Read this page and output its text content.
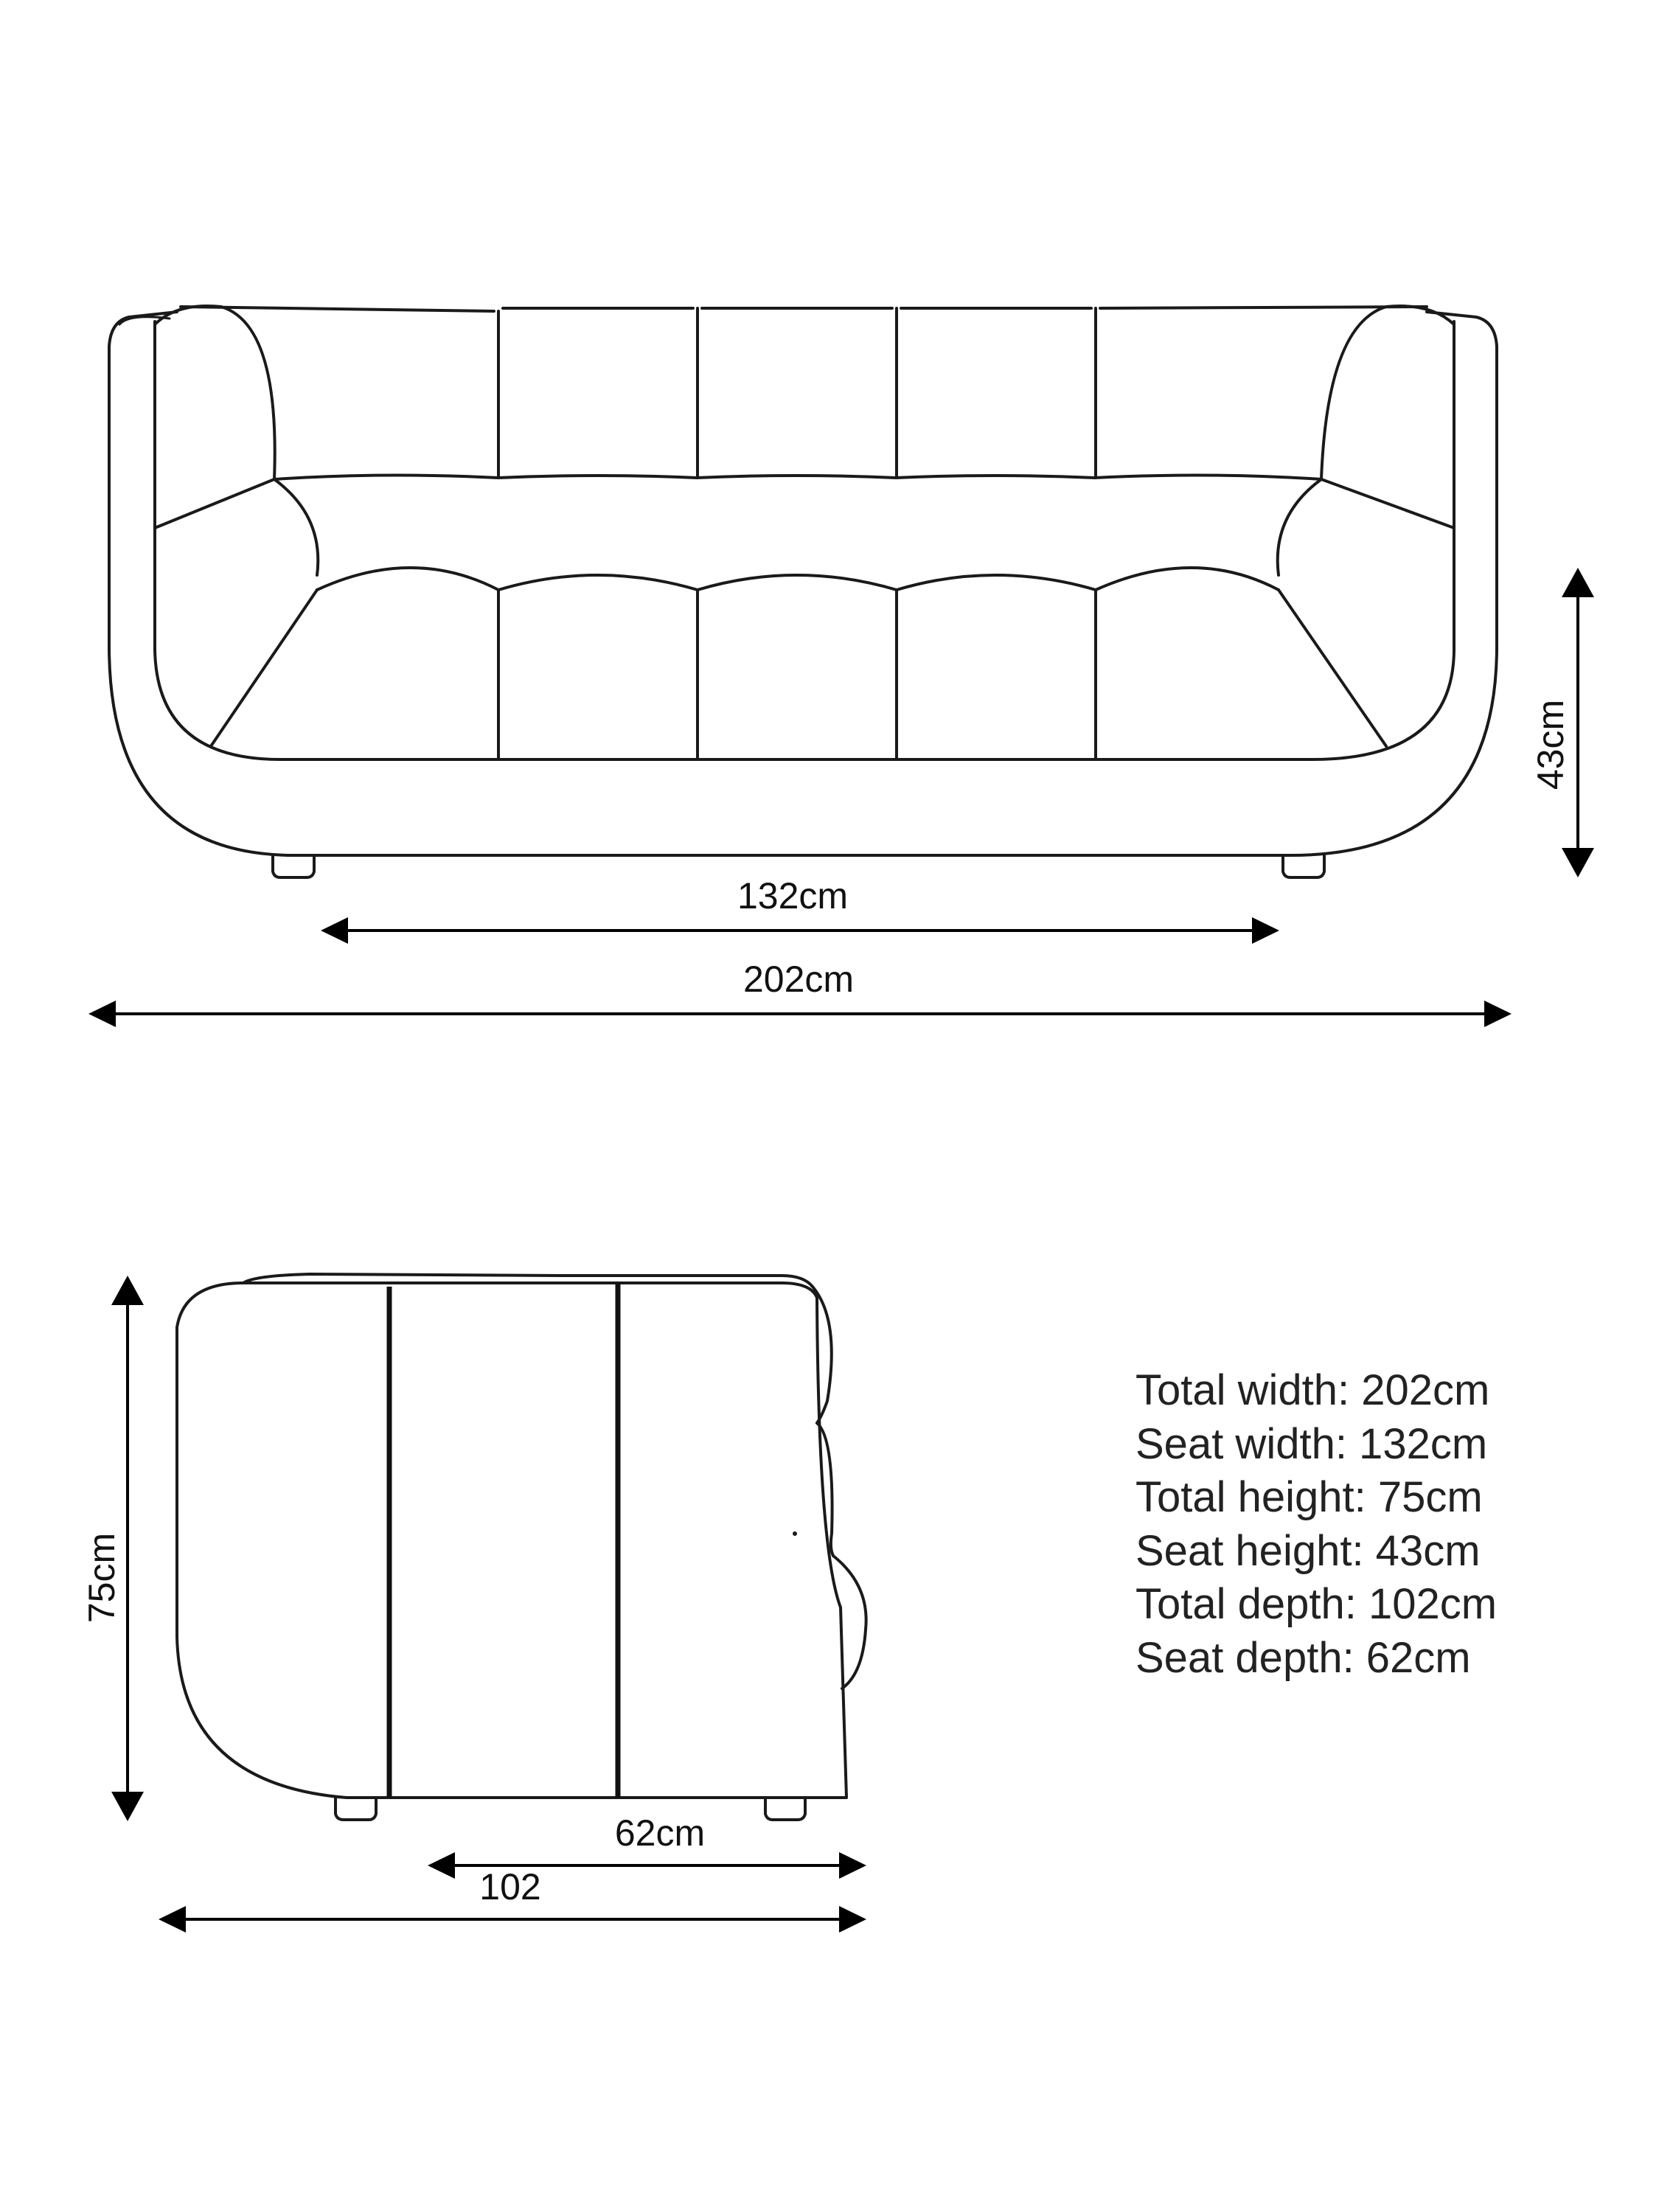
43cm
132cm
202cm
75cm
62cm
102
Total width: 202cm
Seat width: 132cm
Total height: 75cm
Seat height: 43cm
Total depth: 102cm
Seat depth: 62cm
